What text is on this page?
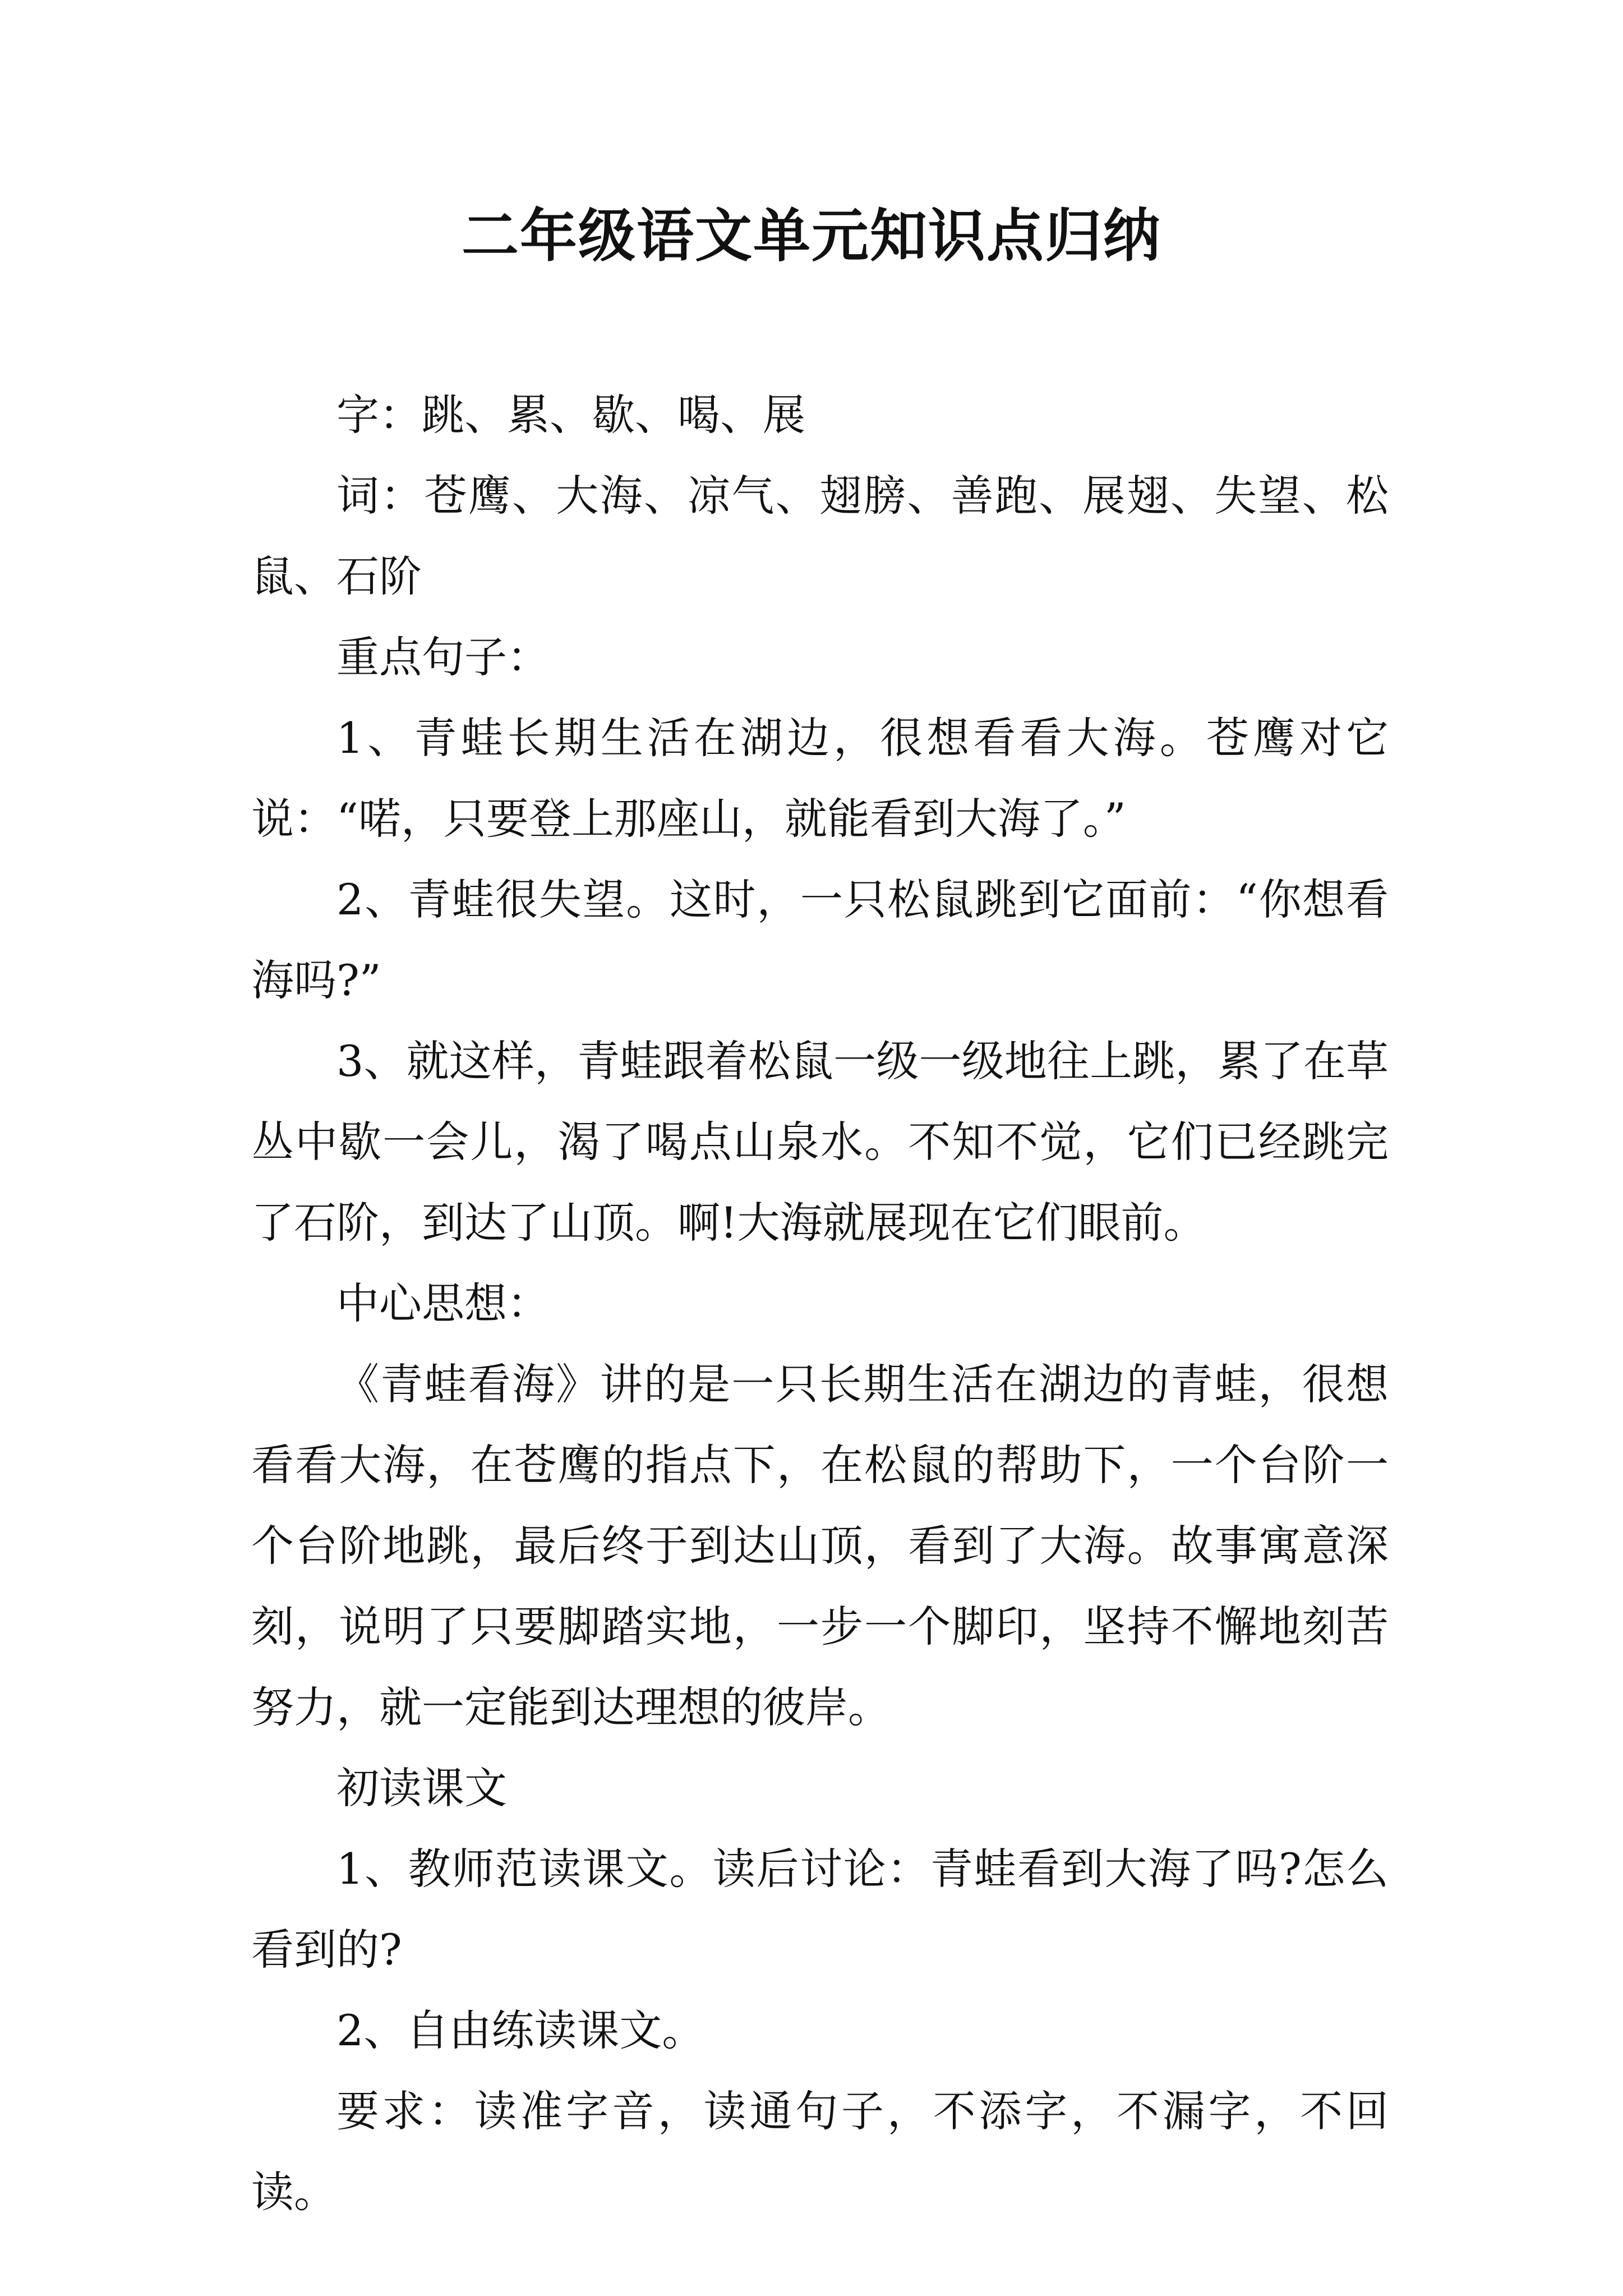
二年级语文单元知识点归纳

字：跳、累、歇、喝、展

词：苍鹰、大海、凉气、翅膀、善跑、展翅、失望、松鼠、石阶

重点句子：

1、青蛙长期生活在湖边，很想看看大海。苍鹰对它说：“喏，只要登上那座山，就能看到大海了。”

2、青蛙很失望。这时，一只松鼠跳到它面前：“你想看海吗?”

3、就这样，青蛙跟着松鼠一级一级地往上跳，累了在草丛中歇一会儿，渴了喝点山泉水。不知不觉，它们已经跳完了石阶，到达了山顶。啊!大海就展现在它们眼前。

中心思想：

《青蛙看海》讲的是一只长期生活在湖边的青蛙，很想看看大海，在苍鹰的指点下，在松鼠的帮助下，一个台阶一个台阶地跳，最后终于到达山顶，看到了大海。故事寓意深刻，说明了只要脚踏实地，一步一个脚印，坚持不懈地刻苦努力，就一定能到达理想的彼岸。

初读课文

1、教师范读课文。读后讨论：青蛙看到大海了吗?怎么看到的?

2、自由练读课文。

要求：读准字音，读通句子，不添字，不漏字，不回读。
